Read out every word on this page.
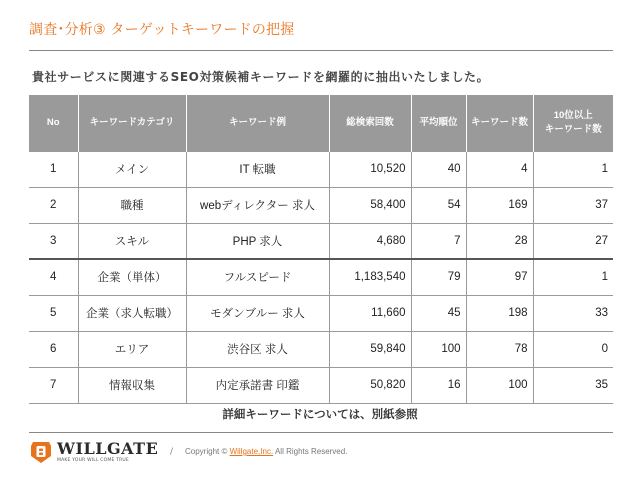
調査･分析③ ターゲットキーワードの把握
貴社サービスに関連するSEO対策候補キーワードを網羅的に抽出いたしました。
No	キーワードカテゴリ	キーワード例	総検索回数	平均順位	キーワード数	10位以上
キーワード数
1	メイン	IT 転職	10,520	40	4	1
2	職種	webディレクター 求人	58,400	54	169	37
3	スキル	PHP 求人	4,680	7	28	27
4	企業（単体）	フルスピード	1,183,540	79	97	1
5	企業（求人転職）	モダンブルー 求人	11,660	45	198	33
6	エリア	渋谷区 求人	59,840	100	78	0
7	情報収集	内定承諾書 印鑑	50,820	16	100	35
詳細キーワードについては、別紙参照
WILLGATE
MAKE YOUR WILL COME TRUE
/ Copyright © Willgate,Inc. All Rights Reserved.
